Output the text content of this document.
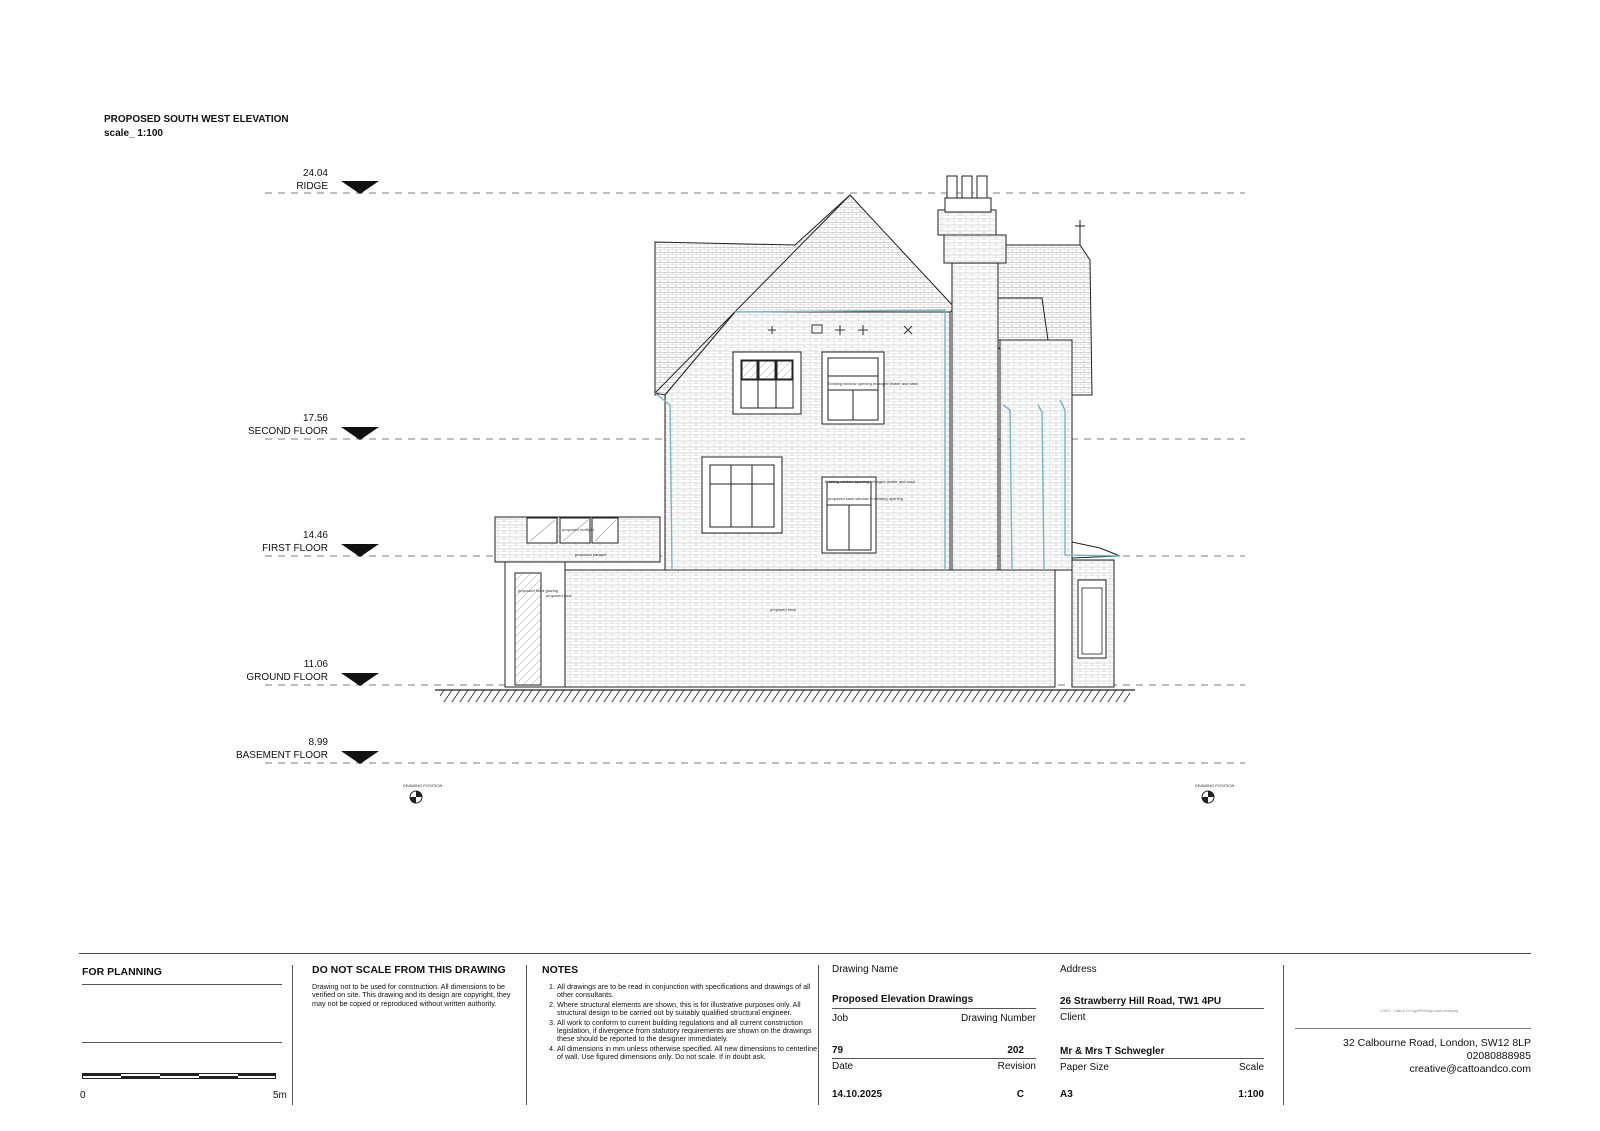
PROPOSED SOUTH WEST ELEVATION
scale_ 1:100
24.04
RIDGE
17.56
SECOND FLOOR
14.46
FIRST FLOOR
11.06
GROUND FLOOR
8.99
BASEMENT FLOOR
DRAWING POSITION	DRAWING POSITION
proposed rooflight
proposed parapet
proposed fixed glazing
proposed door
proposed brick
Existing window opening enlarged timber and sash
Existing window opening enlarged timber and sash
proposed sash window in existing opening
FOR PLANNING
0	5m
DO NOT SCALE FROM THIS DRAWING
Drawing not to be used for construction. All dimensions to be verified on site. This drawing and its design are copyright, they may not be copied or reproduced without written authority.
NOTES
1. All drawings are to be read in conjunction with specifications and drawings of all other consultants.
2. Where structural elements are shown, this is for illustrative purposes only. All structural design to be carried out by suitably qualified structural engineer.
3. All work to conform to current building regulations and all current construction legislation, if divergence from statutory requirements are shown on the drawings these should be reported to the designer immediately.
4. All dimensions in mm unless otherwise specified. All new dimensions to centerline of wall. Use figured dimensions only. Do not scale. If in doubt ask.
Drawing Name
Proposed Elevation Drawings
Job	Drawing Number
79	202
Date	Revision
14.10.2025	C
Address
26 Strawberry Hill Road, TW1 4PU
Client
Mr & Mrs T Schwegler
Paper Size	Scale
A3	1:100
LOGO - Catto & Co logo/PNG/logo-dark-small.png
32 Calbourne Road, London, SW12 8LP
02080888985
creative@cattoandco.com
